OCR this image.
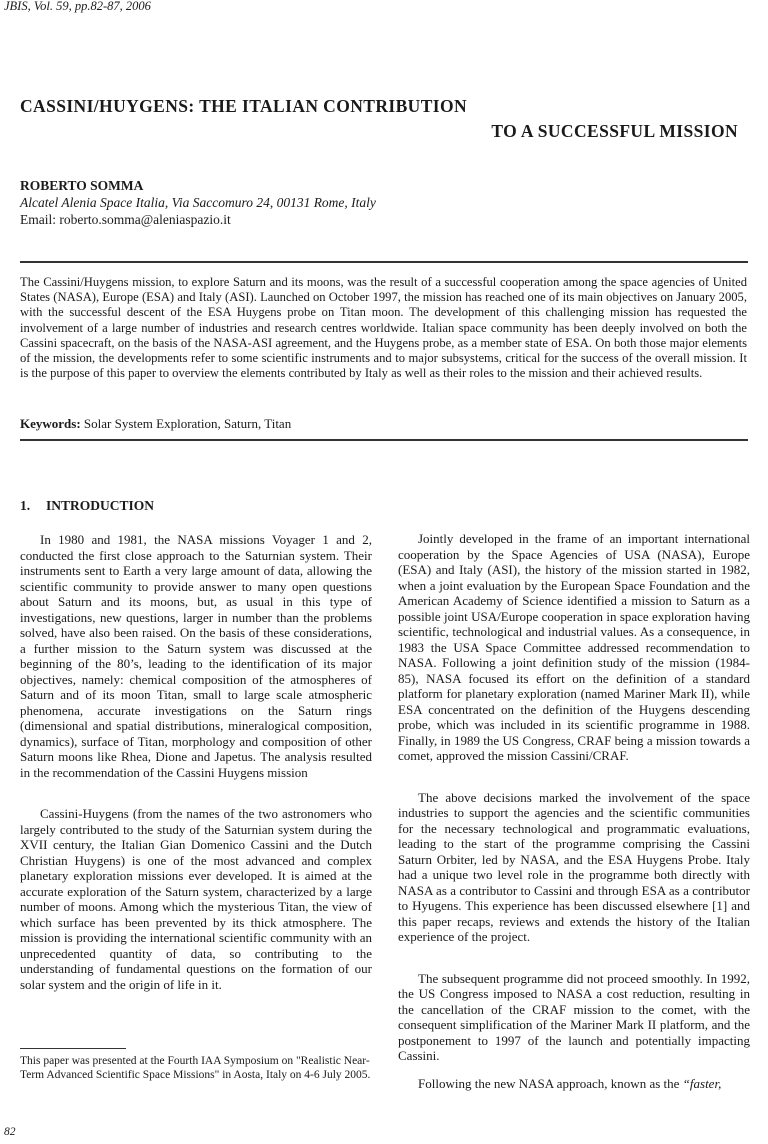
JBIS, Vol. 59, pp.82-87, 2006
CASSINI/HUYGENS: THE ITALIAN CONTRIBUTION
TO A SUCCESSFUL MISSION
ROBERTO SOMMA
Alcatel Alenia Space Italia, Via Saccomuro 24, 00131 Rome, Italy
Email: roberto.somma@aleniaspazio.it

The Cassini/Huygens mission, to explore Saturn and its moons, was the result of a successful cooperation among the space agencies of United States (NASA), Europe (ESA) and Italy (ASI). Launched on October 1997, the mission has reached one of its main objectives on January 2005, with the successful descent of the ESA Huygens probe on Titan moon. The development of this challenging mission has requested the involvement of a large number of industries and research centres worldwide. Italian space community has been deeply involved on both the Cassini spacecraft, on the basis of the NASA-ASI agreement, and the Huygens probe, as a member state of ESA. On both those major elements of the mission, the developments refer to some scientific instruments and to major subsystems, critical for the success of the overall mission. It is the purpose of this paper to overview the elements contributed by Italy as well as their roles to the mission and their achieved results.

Keywords: Solar System Exploration, Saturn, Titan
1. INTRODUCTION

In 1980 and 1981, the NASA missions Voyager 1 and 2, conducted the first close approach to the Saturnian system. Their instruments sent to Earth a very large amount of data, allowing the scientific community to provide answer to many open questions about Saturn and its moons, but, as usual in this type of investigations, new questions, larger in number than the problems solved, have also been raised. On the basis of these considerations, a further mission to the Saturn system was discussed at the beginning of the 80’s, leading to the identification of its major objectives, namely: chemical composition of the atmospheres of Saturn and of its moon Titan, small to large scale atmospheric phenomena, accurate investigations on the Saturn rings (dimensional and spatial distributions, mineralogical composition, dynamics), surface of Titan, morphology and composition of other Saturn moons like Rhea, Dione and Japetus. The analysis resulted in the recommendation of the Cassini Huygens mission

Cassini-Huygens (from the names of the two astronomers who largely contributed to the study of the Saturnian system during the XVII century, the Italian Gian Domenico Cassini and the Dutch Christian Huygens) is one of the most advanced and complex planetary exploration missions ever developed. It is aimed at the accurate exploration of the Saturn system, characterized by a large number of moons. Among which the mysterious Titan, the view of which surface has been prevented by its thick atmosphere. The mission is providing the international scientific community with an unprecedented quantity of data, so contributing to the understanding of fundamental questions on the formation of our solar system and the origin of life in it.

This paper was presented at the Fourth IAA Symposium on "Realistic Near-Term Advanced Scientific Space Missions" in Aosta, Italy on 4-6 July 2005.

Jointly developed in the frame of an important international cooperation by the Space Agencies of USA (NASA), Europe (ESA) and Italy (ASI), the history of the mission started in 1982, when a joint evaluation by the European Space Foundation and the American Academy of Science identified a mission to Saturn as a possible joint USA/Europe cooperation in space exploration having scientific, technological and industrial values. As a consequence, in 1983 the USA Space Committee addressed recommendation to NASA. Following a joint definition study of the mission (1984-85), NASA focused its effort on the definition of a standard platform for planetary exploration (named Mariner Mark II), while ESA concentrated on the definition of the Huygens descending probe, which was included in its scientific programme in 1988. Finally, in 1989 the US Congress, CRAF being a mission towards a comet, approved the mission Cassini/CRAF.

The above decisions marked the involvement of the space industries to support the agencies and the scientific communities for the necessary technological and programmatic evaluations, leading to the start of the programme comprising the Cassini Saturn Orbiter, led by NASA, and the ESA Huygens Probe. Italy had a unique two level role in the programme both directly with NASA as a contributor to Cassini and through ESA as a contributor to Hyugens. This experience has been discussed elsewhere [1] and this paper recaps, reviews and extends the history of the Italian experience of the project.

The subsequent programme did not proceed smoothly. In 1992, the US Congress imposed to NASA a cost reduction, resulting in the cancellation of the CRAF mission to the comet, with the consequent simplification of the Mariner Mark II platform, and the postponement to 1997 of the launch and potentially impacting Cassini.

Following the new NASA approach, known as the “faster,

82
